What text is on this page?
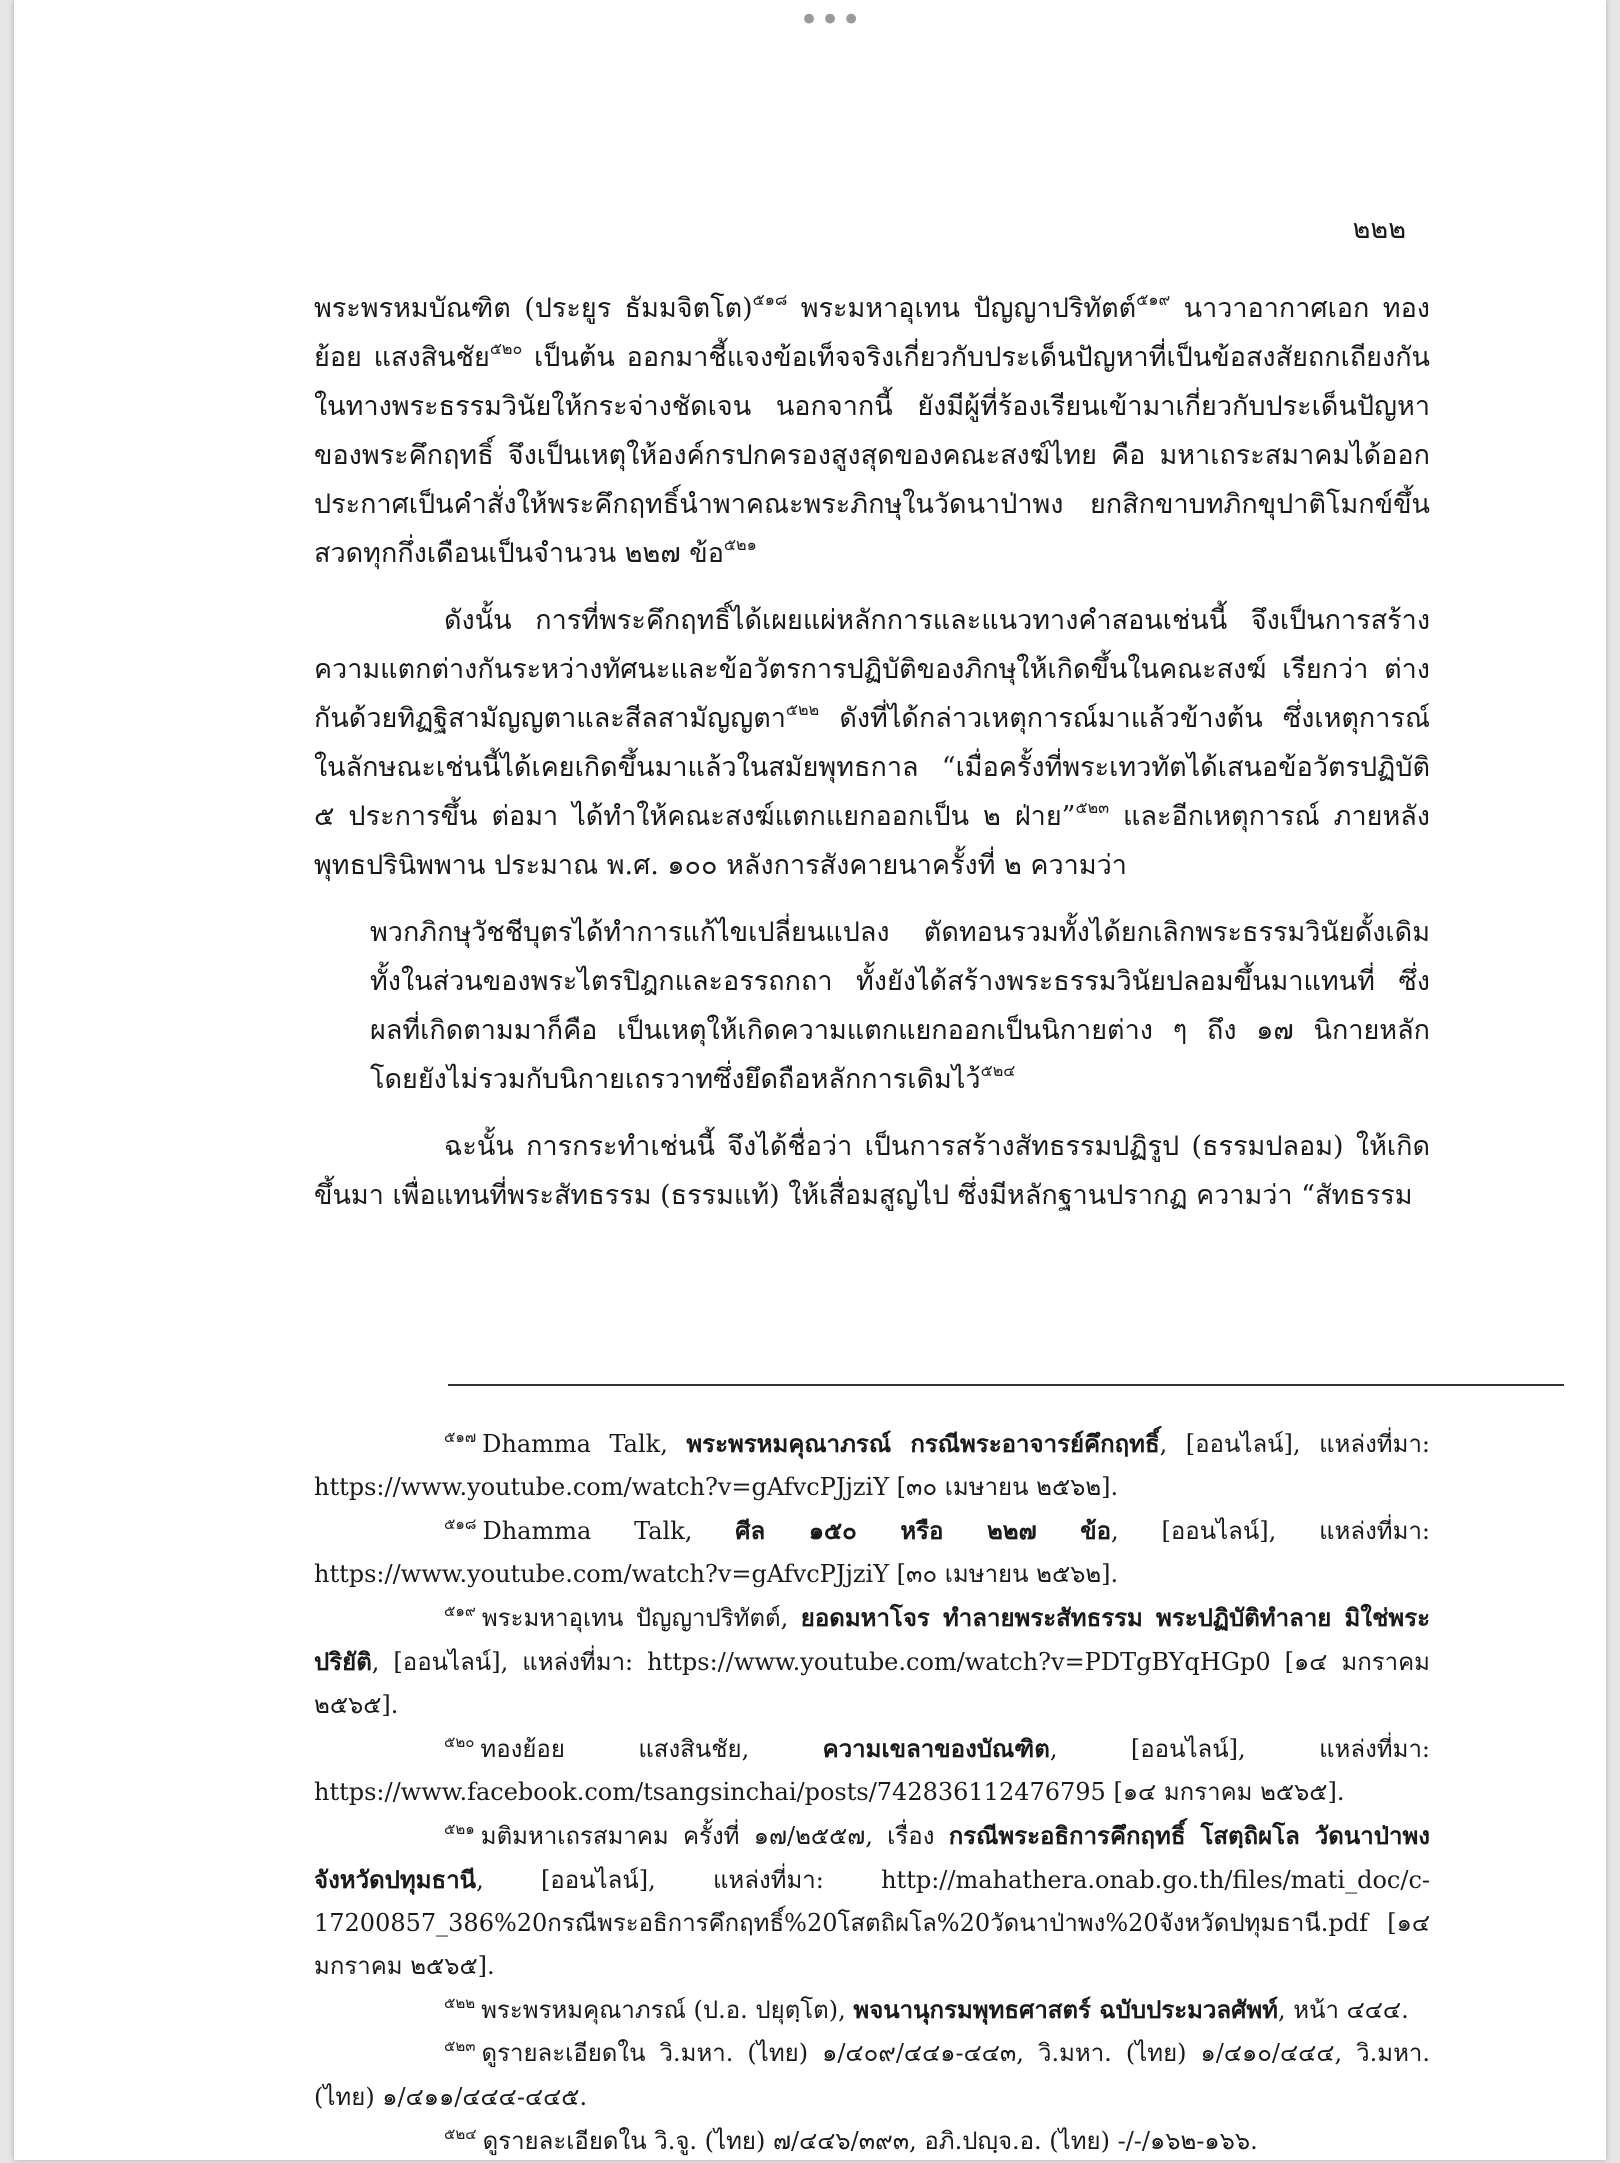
•••
๒๒๒

พระพรหมบัณฑิต (ประยูร ธัมมจิตโต)$^{๕๑๘}$ พระมหาอุเทน ปัญญาปริทัตต์$^{๕๑๙}$ นาวาอากาศเอก ทองย้อย แสงสินชัย$^{๕๒๐}$ เป็นต้น ออกมาชี้แจงข้อเท็จจริงเกี่ยวกับประเด็นปัญหาที่เป็นข้อสงสัยถกเถียงกันในทางพระธรรมวินัยให้กระจ่างชัดเจน นอกจากนี้ ยังมีผู้ที่ร้องเรียนเข้ามาเกี่ยวกับประเด็นปัญหาของพระคึกฤทธิ์ จึงเป็นเหตุให้องค์กรปกครองสูงสุดของคณะสงฆ์ไทย คือ มหาเถระสมาคมได้ออกประกาศเป็นคำสั่งให้พระคึกฤทธิ์นำพาคณะพระภิกษุในวัดนาป่าพง ยกสิกขาบทภิกขุปาติโมกข์ขึ้นสวดทุกกึ่งเดือนเป็นจำนวน ๒๒๗ ข้อ$^{๕๒๑}$

ดังนั้น การที่พระคึกฤทธิ์ได้เผยแผ่หลักการและแนวทางคำสอนเช่นนี้ จึงเป็นการสร้างความแตกต่างกันระหว่างทัศนะและข้อวัตรการปฏิบัติของภิกษุให้เกิดขึ้นในคณะสงฆ์ เรียกว่า ต่างกันด้วยทิฏฐิสามัญญตาและสีลสามัญญตา$^{๕๒๒}$ ดังที่ได้กล่าวเหตุการณ์มาแล้วข้างต้น ซึ่งเหตุการณ์ในลักษณะเช่นนี้ได้เคยเกิดขึ้นมาแล้วในสมัยพุทธกาล “เมื่อครั้งที่พระเทวทัตได้เสนอข้อวัตรปฏิบัติ ๕ ประการขึ้น ต่อมา ได้ทำให้คณะสงฆ์แตกแยกออกเป็น ๒ ฝ่าย”$^{๕๒๓}$ และอีกเหตุการณ์ ภายหลังพุทธปรินิพพาน ประมาณ พ.ศ. ๑๐๐ หลังการสังคายนาครั้งที่ ๒ ความว่า

พวกภิกษุวัชชีบุตรได้ทำการแก้ไขเปลี่ยนแปลง ตัดทอนรวมทั้งได้ยกเลิกพระธรรมวินัยดั้งเดิมทั้งในส่วนของพระไตรปิฎกและอรรถกถา ทั้งยังได้สร้างพระธรรมวินัยปลอมขึ้นมาแทนที่ ซึ่งผลที่เกิดตามมาก็คือ เป็นเหตุให้เกิดความแตกแยกออกเป็นนิกายต่าง ๆ ถึง ๑๗ นิกายหลัก โดยยังไม่รวมกับนิกายเถรวาทซึ่งยึดถือหลักการเดิมไว้$^{๕๒๔}$

ฉะนั้น การกระทำเช่นนี้ จึงได้ชื่อว่า เป็นการสร้างสัทธรรมปฏิรูป (ธรรมปลอม) ให้เกิดขึ้นมา เพื่อแทนที่พระสัทธรรม (ธรรมแท้) ให้เสื่อมสูญไป ซึ่งมีหลักฐานปรากฏ ความว่า “สัทธรรม

$^{๕๑๗}$ Dhamma Talk, พระพรหมคุณาภรณ์ กรณีพระอาจารย์คึกฤทธิ์, [ออนไลน์], แหล่งที่มา: https://www.youtube.com/watch?v=gAfvcPJjziY [๓๐ เมษายน ๒๕๖๒].

$^{๕๑๘}$ Dhamma Talk, ศีล ๑๕๐ หรือ ๒๒๗ ข้อ, [ออนไลน์], แหล่งที่มา: https://www.youtube.com/watch?v=gAfvcPJjziY [๓๐ เมษายน ๒๕๖๒].

$^{๕๑๙}$ พระมหาอุเทน ปัญญาปริทัตต์, ยอดมหาโจร ทำลายพระสัทธรรม พระปฏิบัติทำลาย มิใช่พระปริยัติ, [ออนไลน์], แหล่งที่มา: https://www.youtube.com/watch?v=PDTgBYqHGp0 [๑๔ มกราคม ๒๕๖๕].

$^{๕๒๐}$ ทองย้อย แสงสินชัย, ความเขลาของบัณฑิต, [ออนไลน์], แหล่งที่มา: https://www.facebook.com/tsangsinchai/posts/742836112476795 [๑๔ มกราคม ๒๕๖๕].

$^{๕๒๑}$ มติมหาเถรสมาคม ครั้งที่ ๑๗/๒๕๕๗, เรื่อง กรณีพระอธิการคึกฤทธิ์ โสตฺถิผโล วัดนาป่าพง จังหวัดปทุมธานี, [ออนไลน์], แหล่งที่มา: http://mahathera.onab.go.th/files/mati_doc/c-17200857_386%20กรณีพระอธิการคึกฤทธิ์%20โสตถิผโล%20วัดนาป่าพง%20จังหวัดปทุมธานี.pdf [๑๔ มกราคม ๒๕๖๕].

$^{๕๒๒}$ พระพรหมคุณาภรณ์ (ป.อ. ปยุตฺโต), พจนานุกรมพุทธศาสตร์ ฉบับประมวลศัพท์, หน้า ๔๔๔.

$^{๕๒๓}$ ดูรายละเอียดใน วิ.มหา. (ไทย) ๑/๔๐๙/๔๔๑-๔๔๓, วิ.มหา. (ไทย) ๑/๔๑๐/๔๔๔, วิ.มหา. (ไทย) ๑/๔๑๑/๔๔๔-๔๔๕.

$^{๕๒๔}$ ดูรายละเอียดใน วิ.จู. (ไทย) ๗/๔๔๖/๓๙๓, อภิ.ปญฺจ.อ. (ไทย) -/-/๑๖๒-๑๖๖.
